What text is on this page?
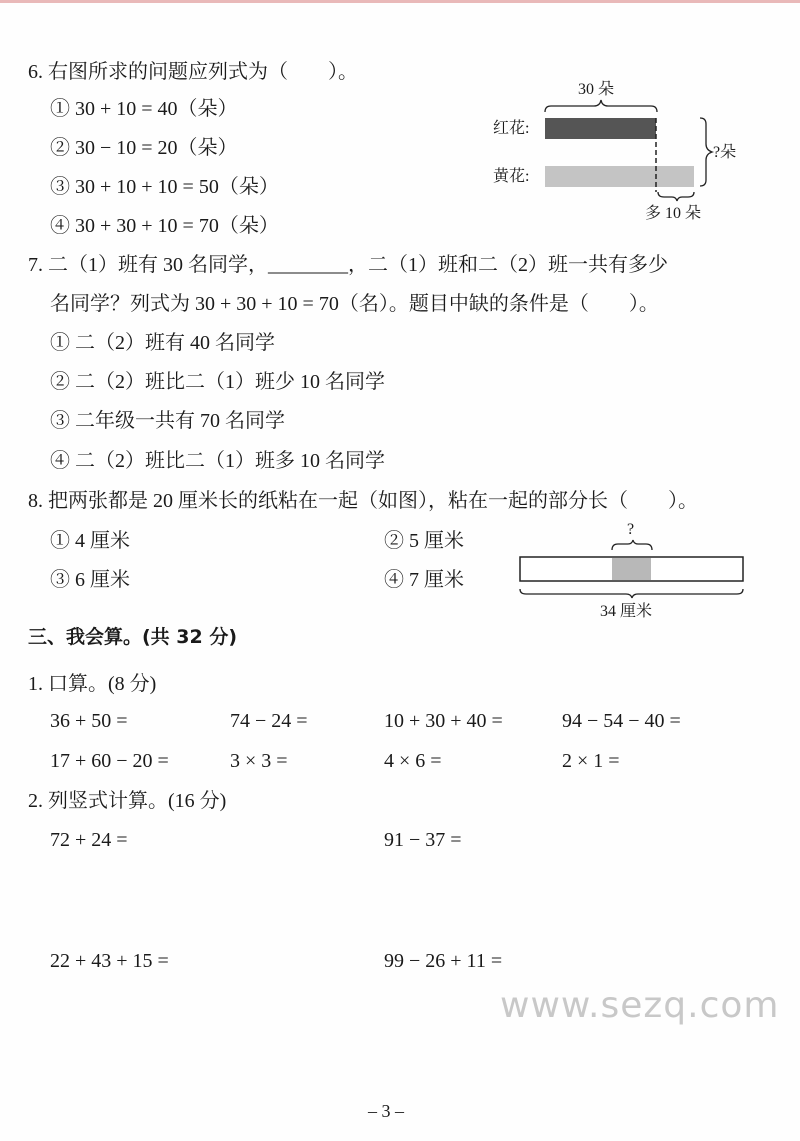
6. 右图所求的问题应列式为（　　）。
① 30 + 10 = 40（朵）
② 30 − 10 = 20（朵）
③ 30 + 10 + 10 = 50（朵）
④ 30 + 30 + 10 = 70（朵）
30 朵
红花:
黄花:
?朵
多 10 朵
7. 二（1）班有 30 名同学，________，二（1）班和二（2）班一共有多少
名同学？列式为 30 + 30 + 10 = 70（名）。题目中缺的条件是（　　）。
① 二（2）班有 40 名同学
② 二（2）班比二（1）班少 10 名同学
③ 二年级一共有 70 名同学
④ 二（2）班比二（1）班多 10 名同学
8. 把两张都是 20 厘米长的纸粘在一起（如图），粘在一起的部分长（　　）。
① 4 厘米	② 5 厘米
③ 6 厘米	④ 7 厘米
?
34 厘米
三、我会算。(共 32 分)
1. 口算。(8 分)
36 + 50 =	74 − 24 =	10 + 30 + 40 =	94 − 54 − 40 =
17 + 60 − 20 =	3 × 3 =	4 × 6 =	2 × 1 =
2. 列竖式计算。(16 分)
72 + 24 =	91 − 37 =
22 + 43 + 15 =	99 − 26 + 11 =
www.sezq.com
– 3 –
